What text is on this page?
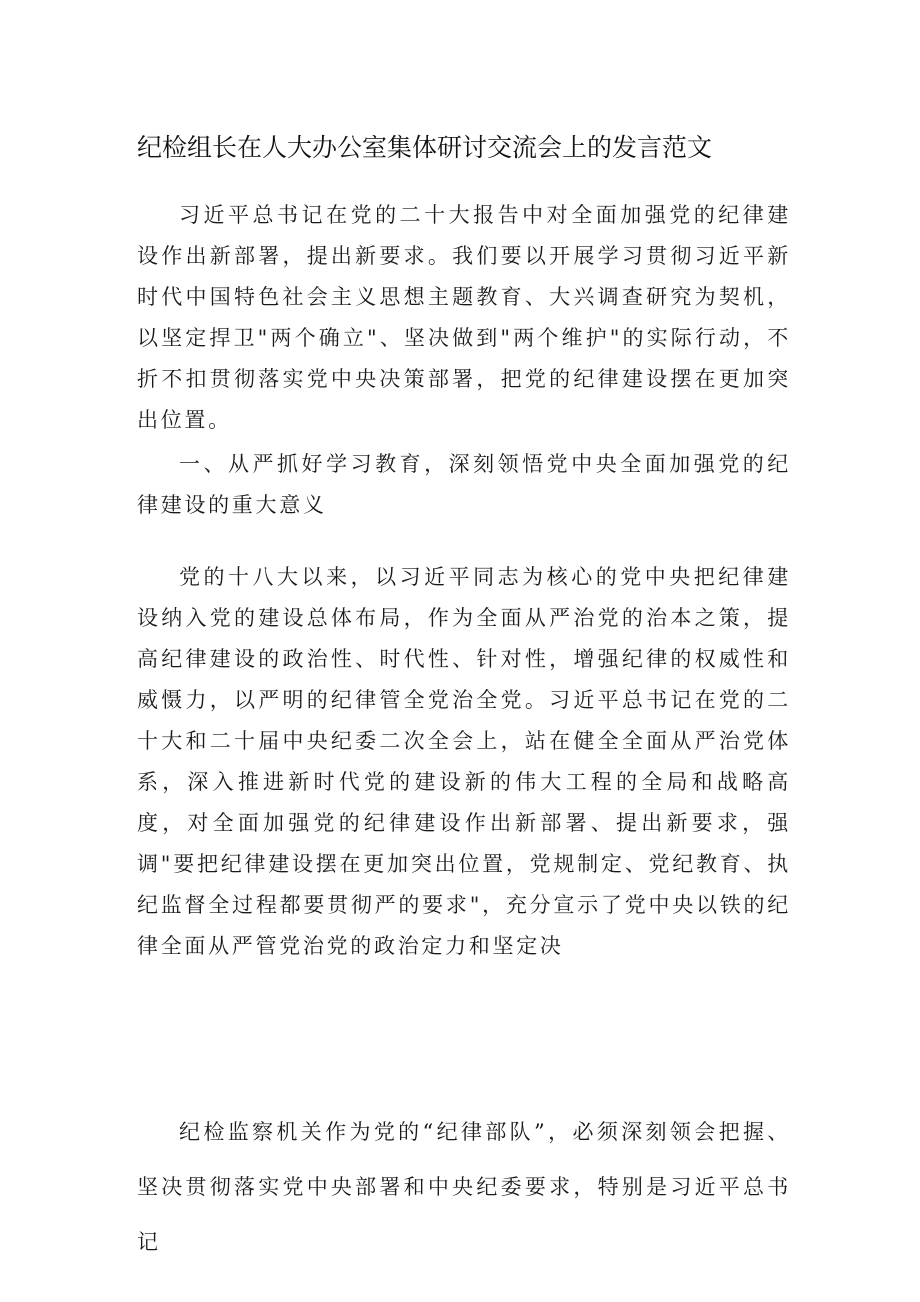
纪检组长在人大办公室集体研讨交流会上的发言范文

习近平总书记在党的二十大报告中对全面加强党的纪律建设作出新部署，提出新要求。我们要以开展学习贯彻习近平新时代中国特色社会主义思想主题教育、大兴调查研究为契机，以坚定捍卫"两个确立"、坚决做到"两个维护"的实际行动，不折不扣贯彻落实党中央决策部署，把党的纪律建设摆在更加突出位置。

一、从严抓好学习教育，深刻领悟党中央全面加强党的纪律建设的重大意义

党的十八大以来，以习近平同志为核心的党中央把纪律建设纳入党的建设总体布局，作为全面从严治党的治本之策，提高纪律建设的政治性、时代性、针对性，增强纪律的权威性和威慑力，以严明的纪律管全党治全党。习近平总书记在党的二十大和二十届中央纪委二次全会上，站在健全全面从严治党体系，深入推进新时代党的建设新的伟大工程的全局和战略高度，对全面加强党的纪律建设作出新部署、提出新要求，强调"要把纪律建设摆在更加突出位置，党规制定、党纪教育、执纪监督全过程都要贯彻严的要求"，充分宣示了党中央以铁的纪律全面从严管党治党的政治定力和坚定决

纪检监察机关作为党的“纪律部队”，必须深刻领会把握、坚决贯彻落实党中央部署和中央纪委要求，特别是习近平总书记
